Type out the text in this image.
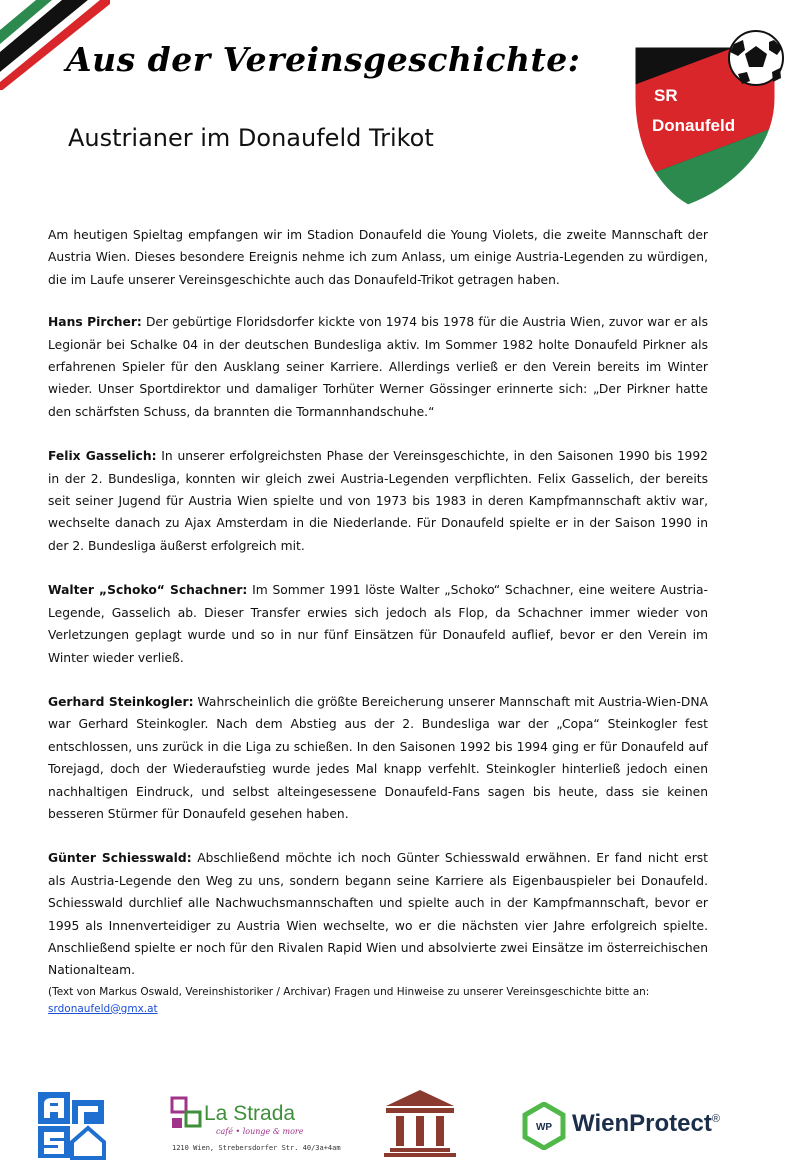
Aus der Vereinsgeschichte:
Austrianer im Donaufeld Trikot
SR
Donaufeld

Am heutigen Spieltag empfangen wir im Stadion Donaufeld die Young Violets, die zweite Mannschaft der Austria Wien. Dieses besondere Ereignis nehme ich zum Anlass, um einige Austria-Legenden zu würdigen, die im Laufe unserer Vereinsgeschichte auch das Donaufeld-Trikot getragen haben.

Hans Pircher: Der gebürtige Floridsdorfer kickte von 1974 bis 1978 für die Austria Wien, zuvor war er als Legionär bei Schalke 04 in der deutschen Bundesliga aktiv. Im Sommer 1982 holte Donaufeld Pirkner als erfahrenen Spieler für den Ausklang seiner Karriere. Allerdings verließ er den Verein bereits im Winter wieder. Unser Sportdirektor und damaliger Torhüter Werner Gössinger erinnerte sich: „Der Pirkner hatte den schärfsten Schuss, da brannten die Tormannhandschuhe.“

Felix Gasselich: In unserer erfolgreichsten Phase der Vereinsgeschichte, in den Saisonen 1990 bis 1992 in der 2. Bundesliga, konnten wir gleich zwei Austria-Legenden verpflichten. Felix Gasselich, der bereits seit seiner Jugend für Austria Wien spielte und von 1973 bis 1983 in deren Kampfmannschaft aktiv war, wechselte danach zu Ajax Amsterdam in die Niederlande. Für Donaufeld spielte er in der Saison 1990 in der 2. Bundesliga äußerst erfolgreich mit.

Walter „Schoko“ Schachner: Im Sommer 1991 löste Walter „Schoko“ Schachner, eine weitere Austria-Legende, Gasselich ab. Dieser Transfer erwies sich jedoch als Flop, da Schachner immer wieder von Verletzungen geplagt wurde und so in nur fünf Einsätzen für Donaufeld auflief, bevor er den Verein im Winter wieder verließ.

Gerhard Steinkogler: Wahrscheinlich die größte Bereicherung unserer Mannschaft mit Austria-Wien-DNA war Gerhard Steinkogler. Nach dem Abstieg aus der 2. Bundesliga war der „Copa“ Steinkogler fest entschlossen, uns zurück in die Liga zu schießen. In den Saisonen 1992 bis 1994 ging er für Donaufeld auf Torejagd, doch der Wiederaufstieg wurde jedes Mal knapp verfehlt. Steinkogler hinterließ jedoch einen nachhaltigen Eindruck, und selbst alteingesessene Donaufeld-Fans sagen bis heute, dass sie keinen besseren Stürmer für Donaufeld gesehen haben.

Günter Schiesswald: Abschließend möchte ich noch Günter Schiesswald erwähnen. Er fand nicht erst als Austria-Legende den Weg zu uns, sondern begann seine Karriere als Eigenbauspieler bei Donaufeld. Schiesswald durchlief alle Nachwuchsmannschaften und spielte auch in der Kampfmannschaft, bevor er 1995 als Innenverteidiger zu Austria Wien wechselte, wo er die nächsten vier Jahre erfolgreich spielte. Anschließend spielte er noch für den Rivalen Rapid Wien und absolvierte zwei Einsätze im österreichischen Nationalteam.

(Text von Markus Oswald, Vereinshistoriker / Archivar) Fragen und Hinweise zu unserer Vereinsgeschichte bitte an: srdonaufeld@gmx.at
La Strada
café • lounge & more
1210 Wien, Strebersdorfer Str. 40/3a+4am
WP WienProtect®
